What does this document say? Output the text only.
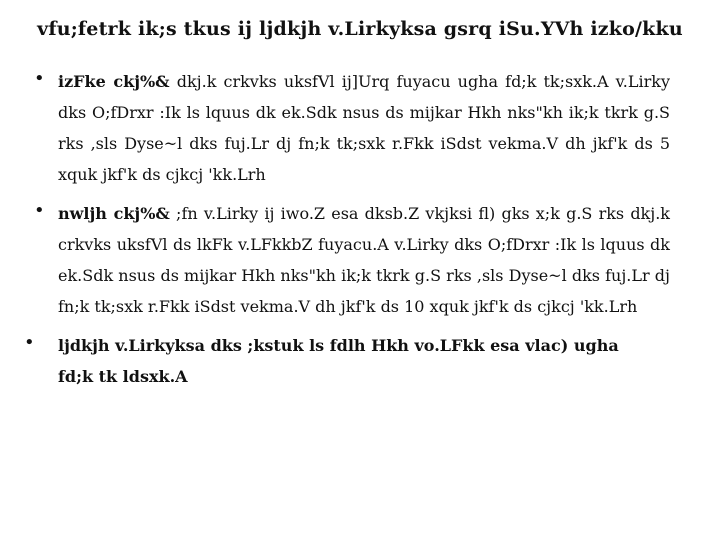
vfu;fetrk ik;s tkus ij ljdkjh v.Lirkyksa gsrq iSu.YVh izko/kku
• izFke ckj%& dkj.k crkvks uksfVl ij]Urq fuyacu ugha fd;k tk;sxk.A v.Lirky dks O;fDrxr :Ik ls lquus dk ek.Sdk nsus ds mijkar Hkh nks"kh ik;k tkrk g.S rks ,sls Dyse~l dks fuj.Lr dj fn;k tk;sxk r.Fkk iSdst vekma.V dh jkf'k ds 5 xquk jkf'k ds cjkcj 'kk.Lrh
• nwljh ckj%& ;fn v.Lirky ij iwo.Z esa dksb.Z vkjksi fl) gks x;k g.S rks dkj.k crkvks uksfVl ds lkFk v.LFkkbZ fuyacu.A v.Lirky dks O;fDrxr :Ik ls lquus dk ek.Sdk nsus ds mijkar Hkh nks"kh ik;k tkrk g.S rks ,sls Dyse~l dks fuj.Lr dj fn;k tk;sxk r.Fkk iSdst vekma.V dh jkf'k ds 10 xquk jkf'k ds cjkcj 'kk.Lrh
• ljdkjh v.Lirkyksa dks ;kstuk ls fdlh Hkh vo.LFkk esa vlac) ugha fd;k tk ldsxk.A
